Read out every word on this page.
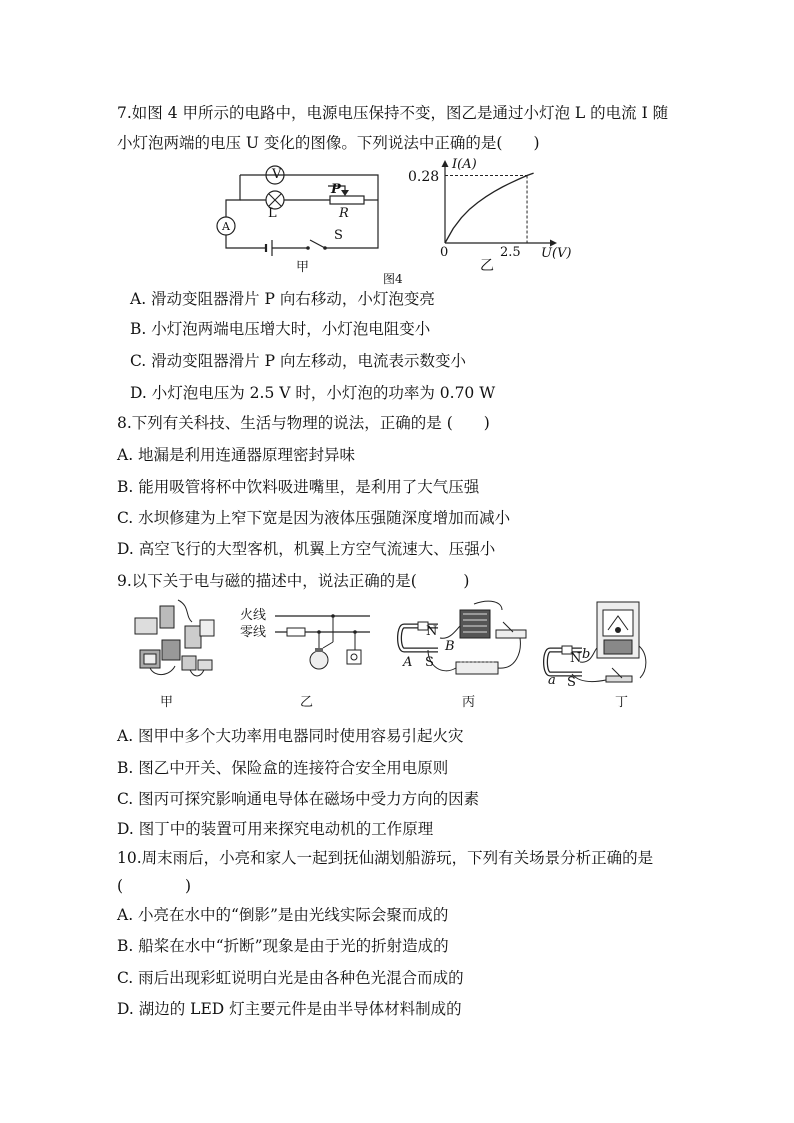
7.如图 4 甲所示的电路中，电源电压保持不变，图乙是通过小灯泡 L 的电流 I 随
小灯泡两端的电压 U 变化的图像。下列说法中正确的是(　　)
V
L
P
R
A
S
甲
图4
I(A)
0.28
0	2.5 U(V)
乙
A. 滑动变阻器滑片 P 向右移动，小灯泡变亮
B. 小灯泡两端电压增大时，小灯泡电阻变小
C. 滑动变阻器滑片 P 向左移动，电流表示数变小
D. 小灯泡电压为 2.5 V 时，小灯泡的功率为 0.70 W
8.下列有关科技、生活与物理的说法，正确的是 (　　)
A. 地漏是利用连通器原理密封异味
B. 能用吸管将杯中饮料吸进嘴里，是利用了大气压强
C. 水坝修建为上窄下宽是因为液体压强随深度增加而减小
D. 高空飞行的大型客机，机翼上方空气流速大、压强小
9.以下关于电与磁的描述中，说法正确的是(　　　)
甲
火线
零线
乙
N
S
A
B
丙
N
S
a
b
丁
A. 图甲中多个大功率用电器同时使用容易引起火灾
B. 图乙中开关、保险盒的连接符合安全用电原则
C. 图丙可探究影响通电导体在磁场中受力方向的因素
D. 图丁中的装置可用来探究电动机的工作原理
10.周末雨后，小亮和家人一起到抚仙湖划船游玩，下列有关场景分析正确的是
(　　　　)
A. 小亮在水中的“倒影”是由光线实际会聚而成的
B. 船桨在水中“折断”现象是由于光的折射造成的
C. 雨后出现彩虹说明白光是由各种色光混合而成的
D. 湖边的 LED 灯主要元件是由半导体材料制成的
